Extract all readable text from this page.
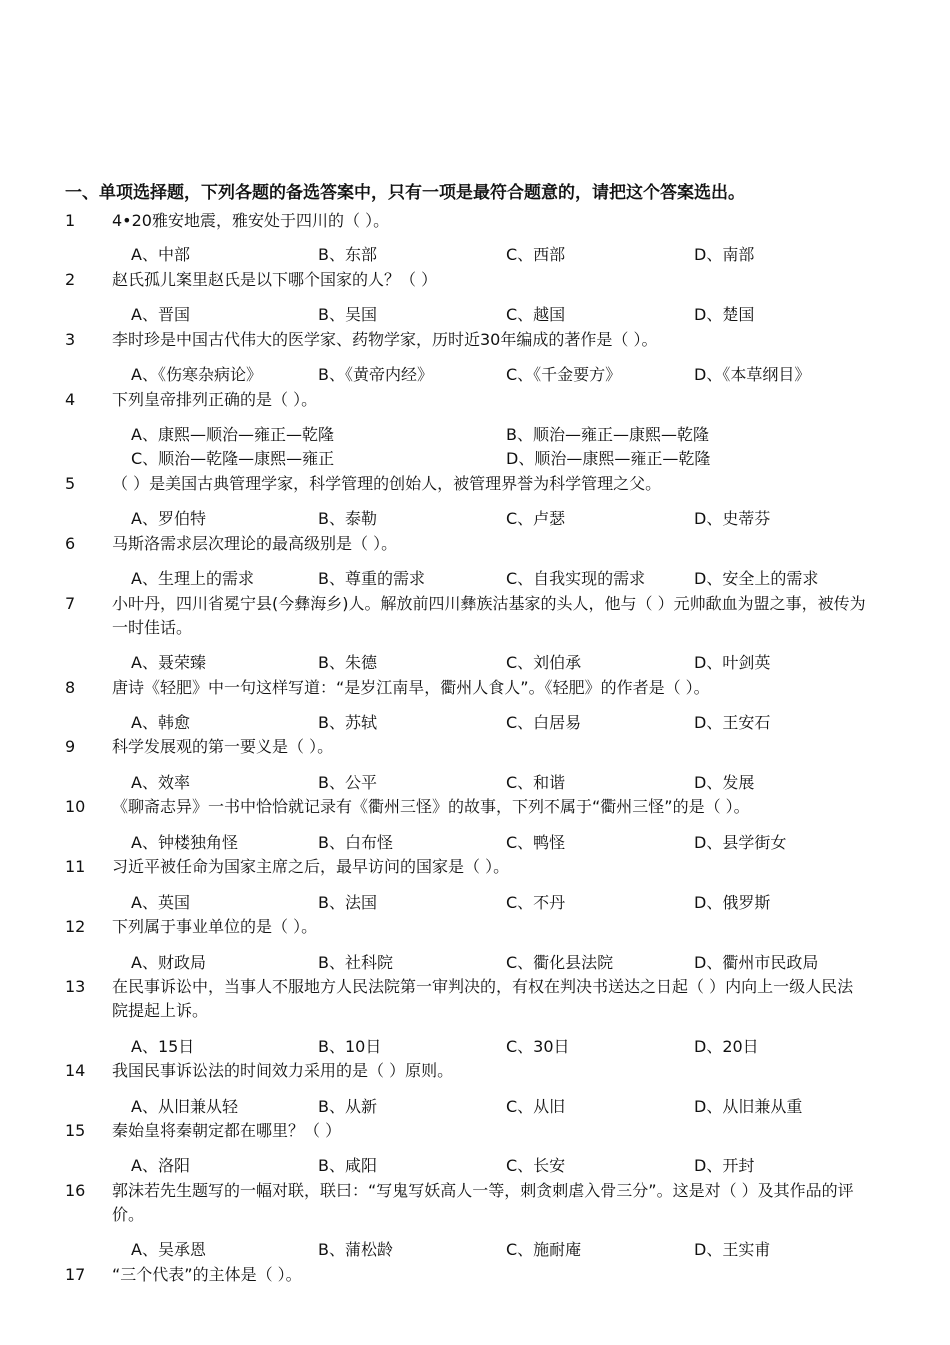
一、单项选择题，下列各题的备选答案中，只有一项是最符合题意的，请把这个答案选出。
1	4•20雅安地震，雅安处于四川的（ ）。
A、中部	B、东部	C、西部	D、南部
2	赵氏孤儿案里赵氏是以下哪个国家的人？（ ）
A、晋国	B、吴国	C、越国	D、楚国
3	李时珍是中国古代伟大的医学家、药物学家，历时近30年编成的著作是（ ）。
A、《伤寒杂病论》	B、《黄帝内经》	C、《千金要方》	D、《本草纲目》
4	下列皇帝排列正确的是（ ）。
A、康熙—顺治—雍正—乾隆	B、顺治—雍正—康熙—乾隆
C、顺治—乾隆—康熙—雍正	D、顺治—康熙—雍正—乾隆
5	（ ）是美国古典管理学家，科学管理的创始人，被管理界誉为科学管理之父。
A、罗伯特	B、泰勒	C、卢瑟	D、史蒂芬
6	马斯洛需求层次理论的最高级别是（ ）。
A、生理上的需求	B、尊重的需求	C、自我实现的需求	D、安全上的需求
7	小叶丹，四川省冕宁县(今彝海乡)人。解放前四川彝族沽基家的头人，他与（ ）元帅歃血为盟之事，被传为一时佳话。
A、聂荣臻	B、朱德	C、刘伯承	D、叶剑英
8	唐诗《轻肥》中一句这样写道：“是岁江南旱，衢州人食人”。《轻肥》的作者是（ ）。
A、韩愈	B、苏轼	C、白居易	D、王安石
9	科学发展观的第一要义是（ ）。
A、效率	B、公平	C、和谐	D、发展
10	《聊斋志异》一书中恰恰就记录有《衢州三怪》的故事，下列不属于“衢州三怪”的是（ ）。
A、钟楼独角怪	B、白布怪	C、鸭怪	D、县学街女
11	习近平被任命为国家主席之后，最早访问的国家是（ ）。
A、英国	B、法国	C、不丹	D、俄罗斯
12	下列属于事业单位的是（ ）。
A、财政局	B、社科院	C、衢化县法院	D、衢州市民政局
13	在民事诉讼中，当事人不服地方人民法院第一审判决的，有权在判决书送达之日起（ ）内向上一级人民法院提起上诉。
A、15日	B、10日	C、30日	D、20日
14	我国民事诉讼法的时间效力采用的是（ ）原则。
A、从旧兼从轻	B、从新	C、从旧	D、从旧兼从重
15	秦始皇将秦朝定都在哪里？（ ）
A、洛阳	B、咸阳	C、长安	D、开封
16	郭沫若先生题写的一幅对联，联曰：“写鬼写妖高人一等，刺贪刺虐入骨三分”。这是对（ ）及其作品的评价。
A、吴承恩	B、蒲松龄	C、施耐庵	D、王实甫
17	“三个代表”的主体是（ ）。
